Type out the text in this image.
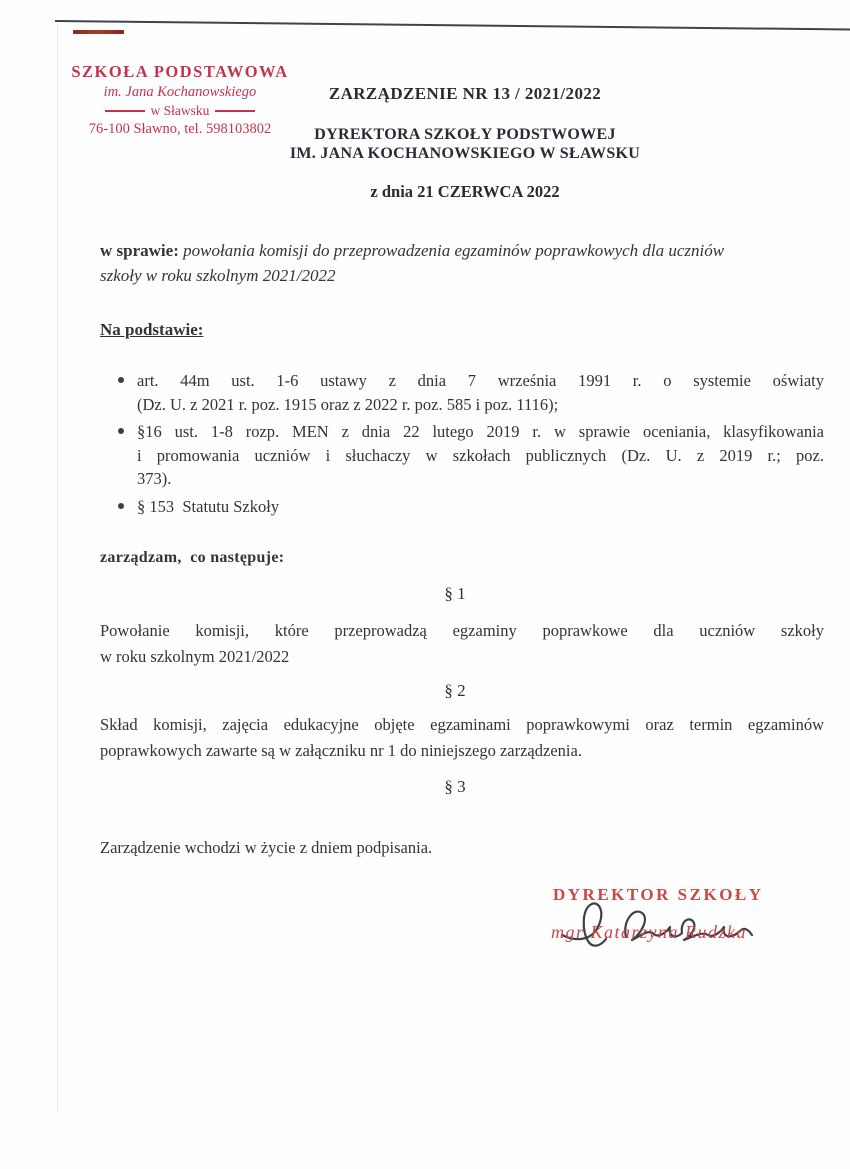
SZKOŁA PODSTAWOWA
im. Jana Kochanowskiego
w Sławsku
76-100 Sławno, tel. 598103802
ZARZĄDZENIE NR 13 / 2021/2022
DYREKTORA SZKOŁY PODSTWOWEJ
IM. JANA KOCHANOWSKIEGO W SŁAWSKU
z dnia 21 CZERWCA 2022
w sprawie: powołania komisji do przeprowadzenia egzaminów poprawkowych dla uczniów
szkoły w roku szkolnym 2021/2022
Na podstawie:
art. 44m ust. 1-6 ustawy z dnia 7 września 1991 r. o systemie oświaty
(Dz. U. z 2021 r. poz. 1915 oraz z 2022 r. poz. 585 i poz. 1116);
§16 ust. 1-8 rozp. MEN z dnia 22 lutego 2019 r. w sprawie oceniania, klasyfikowania
i promowania uczniów i słuchaczy w szkołach publicznych (Dz. U. z 2019 r.; poz.
373).
§ 153  Statutu Szkoły
zarządzam,  co następuje:
§ 1
Powołanie komisji, które przeprowadzą egzaminy poprawkowe dla uczniów szkoły
w roku szkolnym 2021/2022
§ 2
Skład komisji, zajęcia edukacyjne objęte egzaminami poprawkowymi oraz termin egzaminów
poprawkowych zawarte są w załączniku nr 1 do niniejszego zarządzenia.
§ 3
Zarządzenie wchodzi w życie z dniem podpisania.
DYREKTOR SZKOŁY
mgr Katarzyna Rudzka
